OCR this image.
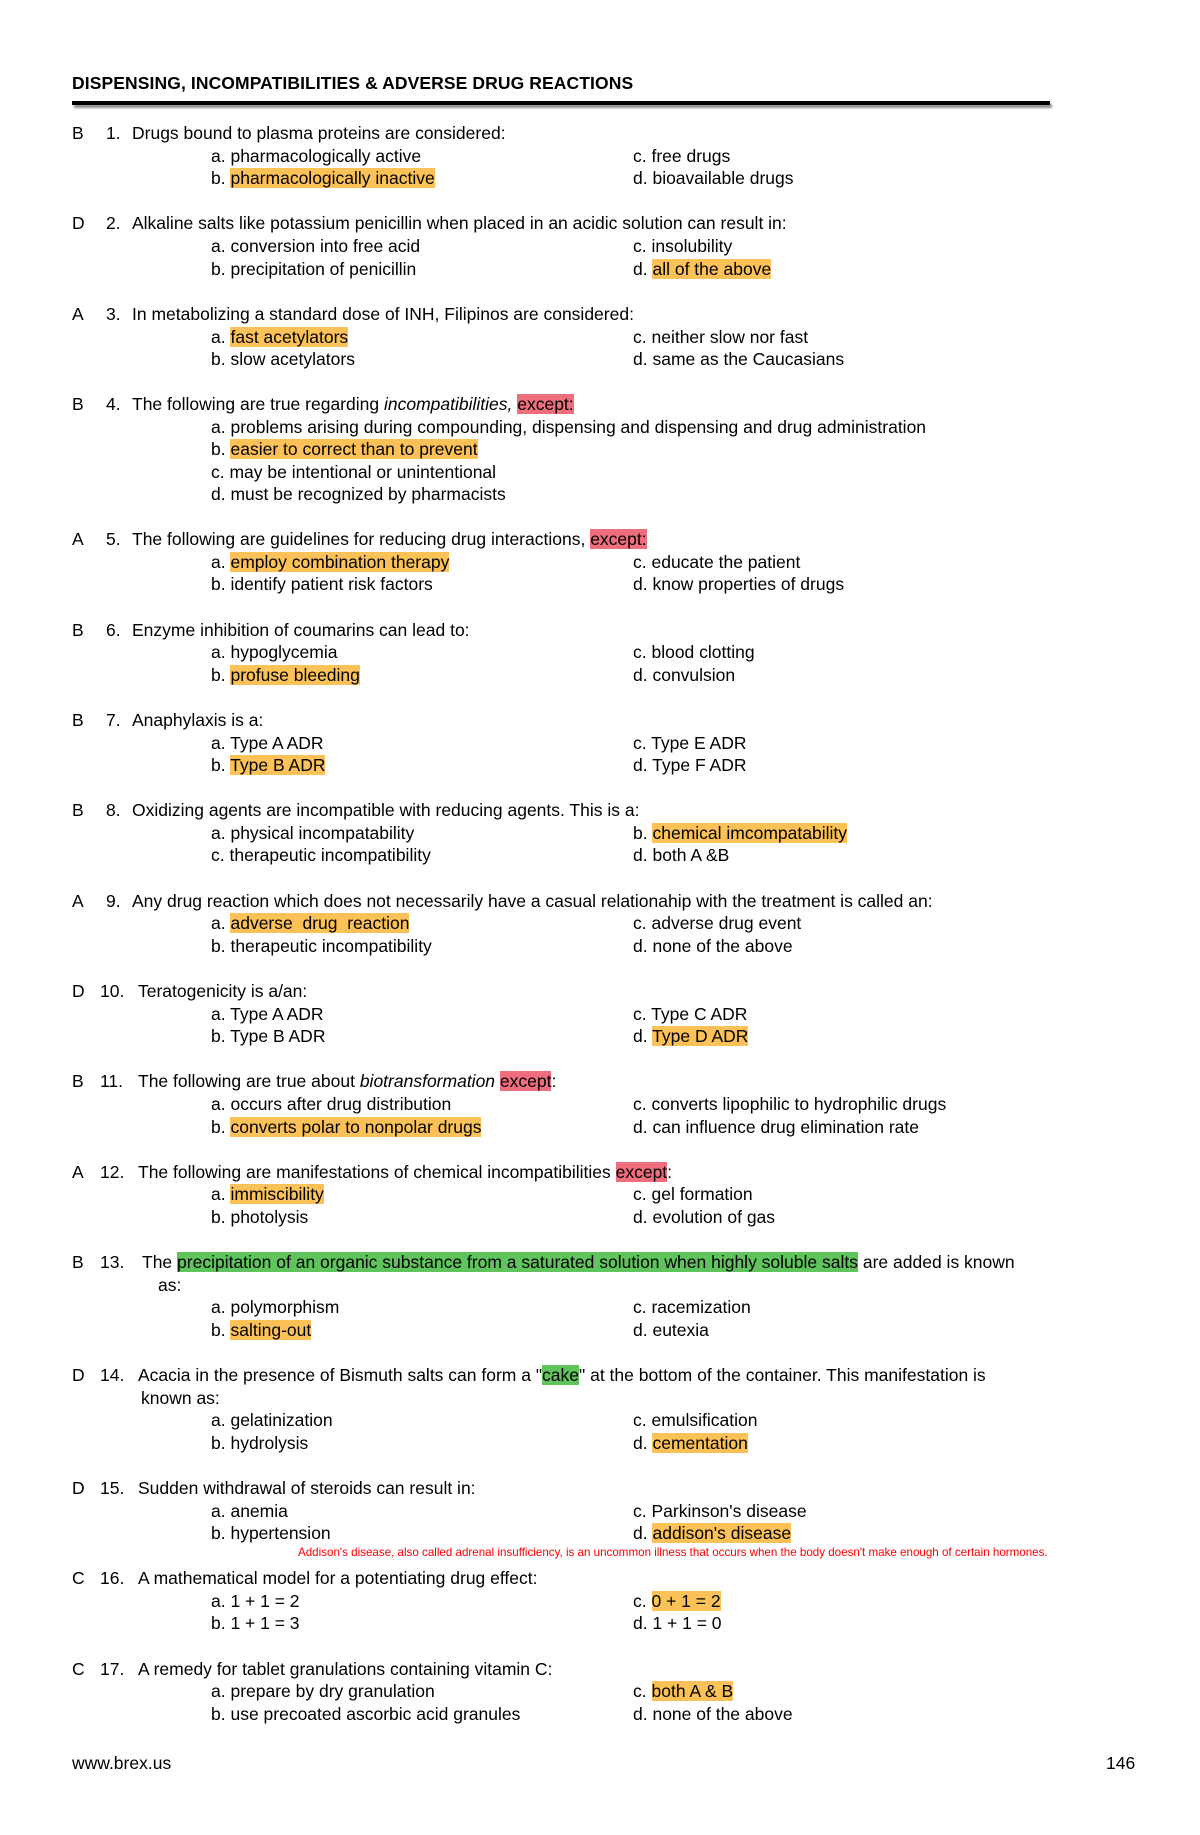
DISPENSING, INCOMPATIBILITIES & ADVERSE DRUG REACTIONS
B 1. Drugs bound to plasma proteins are considered:
a. pharmacologically active
b. pharmacologically inactive
c. free drugs
d. bioavailable drugs
D 2. Alkaline salts like potassium penicillin when placed in an acidic solution can result in:
a. conversion into free acid
b. precipitation of penicillin
c. insolubility
d. all of the above
A 3. In metabolizing a standard dose of INH, Filipinos are considered:
a. fast acetylators
b. slow acetylators
c. neither slow nor fast
d. same as the Caucasians
B 4. The following are true regarding incompatibilities, except:
a. problems arising during compounding, dispensing and dispensing and drug administration
b. easier to correct than to prevent
c. may be intentional or unintentional
d. must be recognized by pharmacists
A 5. The following are guidelines for reducing drug interactions, except:
a. employ combination therapy
b. identify patient risk factors
c. educate the patient
d. know properties of drugs
B 6. Enzyme inhibition of coumarins can lead to:
a. hypoglycemia
b. profuse bleeding
c. blood clotting
d. convulsion
B 7. Anaphylaxis is a:
a. Type A ADR
b. Type B ADR
c. Type E ADR
d. Type F ADR
B 8. Oxidizing agents are incompatible with reducing agents. This is a:
a. physical incompatability
c. therapeutic incompatibility
b. chemical imcompatability
d. both A &B
A 9. Any drug reaction which does not necessarily have a casual relationahip with the treatment is called an:
a. adverse  drug  reaction
b. therapeutic incompatibility
c. adverse drug event
d. none of the above
D 10. Teratogenicity is a/an:
a. Type A ADR
b. Type B ADR
c. Type C ADR
d. Type D ADR
B 11. The following are true about biotransformation except:
a. occurs after drug distribution
b. converts polar to nonpolar drugs
c. converts lipophilic to hydrophilic drugs
d. can influence drug elimination rate
A 12. The following are manifestations of chemical incompatibilities except:
a. immiscibility
b. photolysis
c. gel formation
d. evolution of gas
B 13. The precipitation of an organic substance from a saturated solution when highly soluble salts are added is known
as:
a. polymorphism
b. salting-out
c. racemization
d. eutexia
D 14. Acacia in the presence of Bismuth salts can form a "cake" at the bottom of the container. This manifestation is
known as:
a. gelatinization
b. hydrolysis
c. emulsification
d. cementation
D 15. Sudden withdrawal of steroids can result in:
a. anemia
b. hypertension
c. Parkinson's disease
d. addison's disease
Addison's disease, also called adrenal insufficiency, is an uncommon illness that occurs when the body doesn't make enough of certain hormones.
C 16. A mathematical model for a potentiating drug effect:
a. 1 + 1 = 2
b. 1 + 1 = 3
c. 0 + 1 = 2
d. 1 + 1 = 0
C 17. A remedy for tablet granulations containing vitamin C:
a. prepare by dry granulation
b. use precoated ascorbic acid granules
c. both A & B
d. none of the above
www.brex.us	146
